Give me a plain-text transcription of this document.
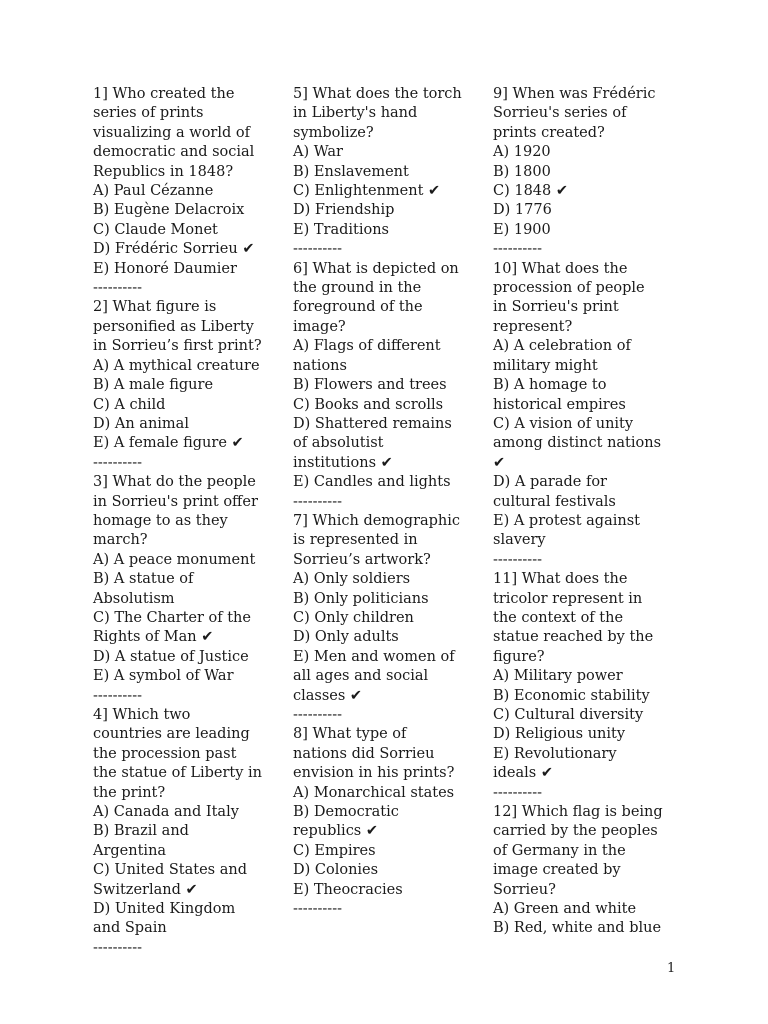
1] Who created the series of prints visualizing a world of democratic and social Republics in 1848?

A) Paul Cézanne

B) Eugène Delacroix

C) Claude Monet

D) Frédéric Sorrieu ✔

E) Honoré Daumier

----------

2] What figure is personified as Liberty in Sorrieu’s first print?

A) A mythical creature

B) A male figure

C) A child

D) An animal

E) A female figure ✔

----------

3] What do the people in Sorrieu's print offer homage to as they march?

A) A peace monument

B) A statue of Absolutism

C) The Charter of the Rights of Man ✔

D) A statue of Justice

E) A symbol of War

----------

4] Which two countries are leading the procession past the statue of Liberty in the print?

A) Canada and Italy

B) Brazil and Argentina

C) United States and Switzerland ✔

D) United Kingdom and Spain

----------

5] What does the torch in Liberty's hand symbolize?

A) War

B) Enslavement

C) Enlightenment ✔

D) Friendship

E) Traditions

----------

6] What is depicted on the ground in the foreground of the image?

A) Flags of different nations

B) Flowers and trees

C) Books and scrolls

D) Shattered remains of absolutist institutions ✔

E) Candles and lights

----------

7] Which demographic is represented in Sorrieu’s artwork?

A) Only soldiers

B) Only politicians

C) Only children

D) Only adults

E) Men and women of all ages and social classes ✔

----------

8] What type of nations did Sorrieu envision in his prints?

A) Monarchical states

B) Democratic republics ✔

C) Empires

D) Colonies

E) Theocracies

----------

9] When was Frédéric Sorrieu's series of prints created?

A) 1920

B) 1800

C) 1848 ✔

D) 1776

E) 1900

----------

10] What does the procession of people in Sorrieu's print represent?

A) A celebration of military might

B) A homage to historical empires

C) A vision of unity among distinct nations ✔

D) A parade for cultural festivals

E) A protest against slavery

----------

11] What does the tricolor represent in the context of the statue reached by the figure?

A) Military power

B) Economic stability

C) Cultural diversity

D) Religious unity

E) Revolutionary ideals ✔

----------

12] Which flag is being carried by the peoples of Germany in the image created by Sorrieu?

A) Green and white

B) Red, white and blue

1
